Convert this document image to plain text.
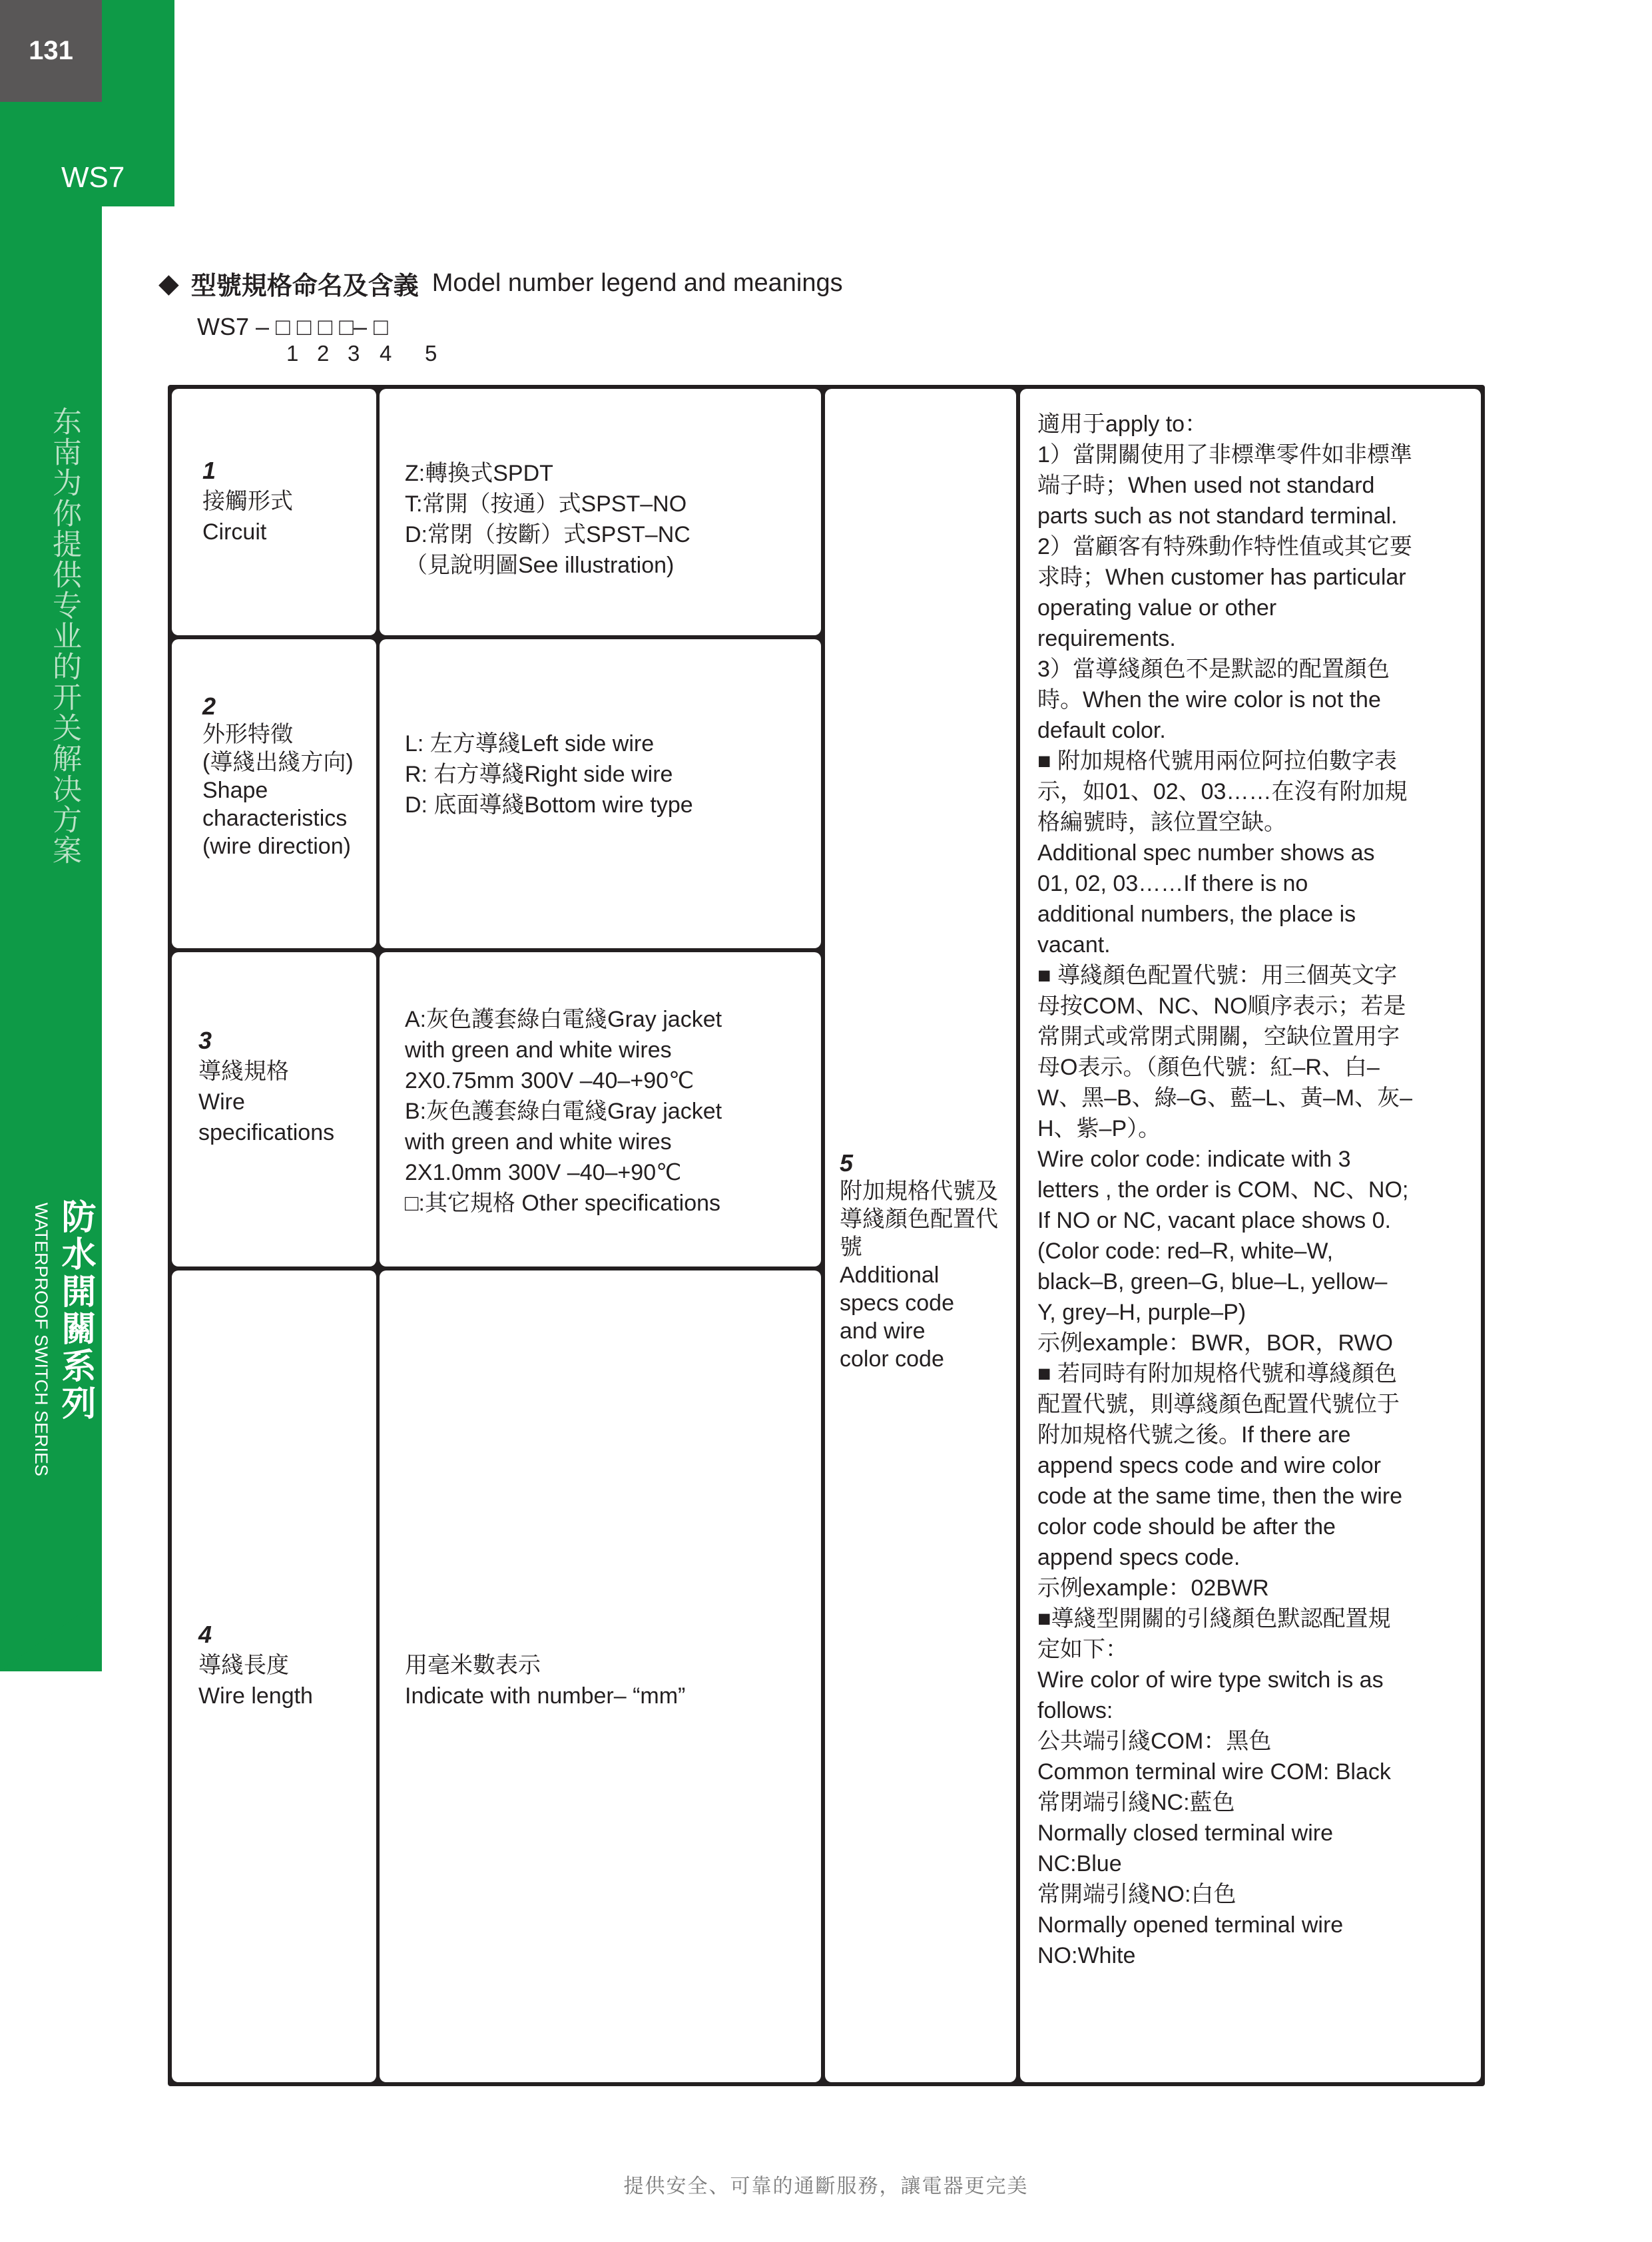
131
WS7
东南为你提供专业的开关解决方案
防水開關系列
WATERPROOF SWITCH SERIES
◆ 型號規格命名及含義 Model number legend and meanings
WS7 – □ □ □ □– □
1 2 3 4 5
1
接觸形式
Circuit
Z:轉換式SPDT
T:常開（按通）式SPST–NO
D:常閉（按斷）式SPST–NC
（見說明圖See illustration)
2
外形特徵
(導綫出綫方向)
Shape
characteristics
(wire direction)
L: 左方導綫Left side wire
R: 右方導綫Right side wire
D: 底面導綫Bottom wire type
3
導綫規格
Wire
specifications
A:灰色護套綠白電綫Gray jacket
with green and white wires
2X0.75mm 300V –40–+90℃
B:灰色護套綠白電綫Gray jacket
with green and white wires
2X1.0mm 300V –40–+90℃
□:其它規格 Other specifications
4
導綫長度
Wire length
用毫米數表示
Indicate with number– “mm”
5
附加規格代號及
導綫顏色配置代
號
Additional
specs code
and wire
color code
適用于apply to：
1）當開關使用了非標準零件如非標準
端子時；When used not standard
parts such as not standard terminal.
2）當顧客有特殊動作特性值或其它要
求時；When customer has particular
operating value or other
requirements.
3）當導綫顏色不是默認的配置顏色
時。When the wire color is not the
default color.
■ 附加規格代號用兩位阿拉伯數字表
示，如01、02、03……在沒有附加規
格編號時，該位置空缺。
Additional spec number shows as
01, 02, 03……If there is no
additional numbers, the place is
vacant.
■ 導綫顏色配置代號：用三個英文字
母按COM、NC、NO順序表示；若是
常開式或常閉式開關，空缺位置用字
母O表示。（顏色代號：紅–R、白–
W、黑–B、綠–G、藍–L、黃–M、灰–
H、紫–P）。
Wire color code: indicate with 3
letters , the order is COM、NC、NO;
If NO or NC, vacant place shows 0.
(Color code: red–R, white–W,
black–B, green–G, blue–L, yellow–
Y, grey–H, purple–P)
示例example：BWR，BOR，RWO
■ 若同時有附加規格代號和導綫顏色
配置代號，則導綫顏色配置代號位于
附加規格代號之後。If there are
append specs code and wire color
code at the same time, then the wire
color code should be after the
append specs code.
示例example：02BWR
■導綫型開關的引綫顏色默認配置規
定如下：
Wire color of wire type switch is as
follows:
公共端引綫COM：黑色
Common terminal wire COM: Black
常閉端引綫NC:藍色
Normally closed terminal wire
NC:Blue
常開端引綫NO:白色
Normally opened terminal wire
NO:White
提供安全、可靠的通斷服務，讓電器更完美
